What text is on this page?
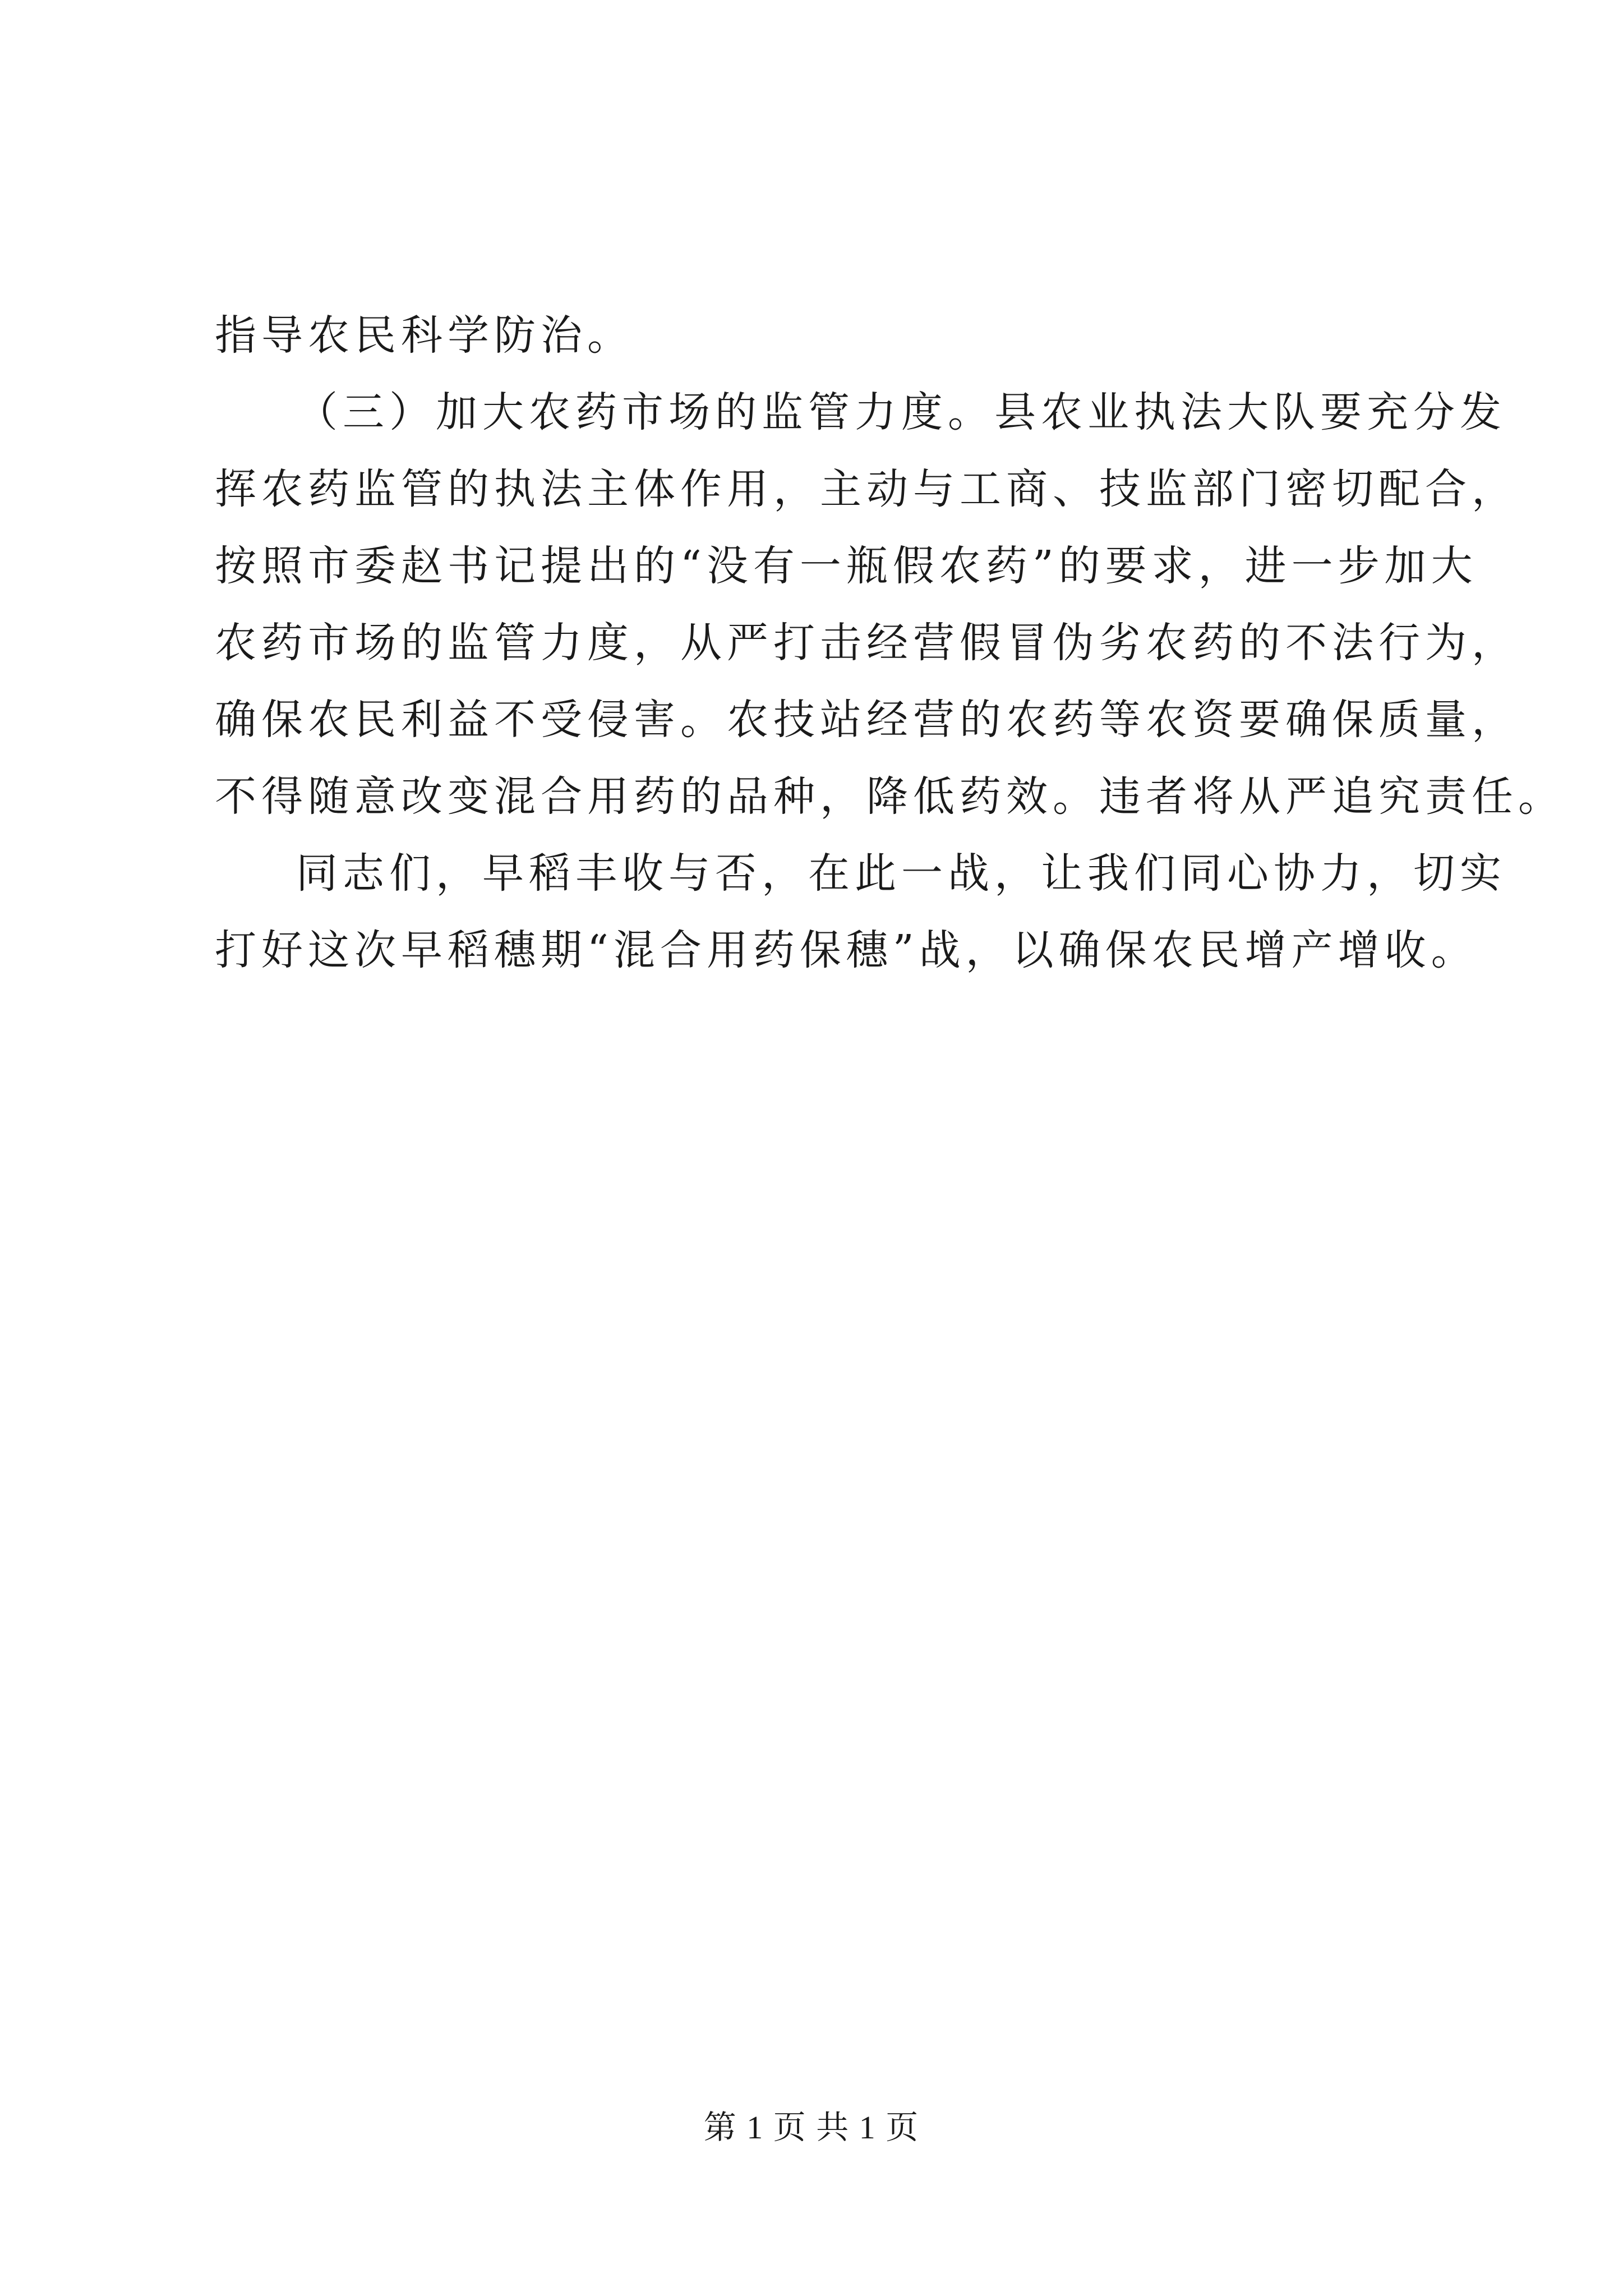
指导农民科学防治。
（三）加大农药市场的监管力度。县农业执法大队要充分发
挥农药监管的执法主体作用，主动与工商、技监部门密切配合，
按照市委赵书记提出的“没有一瓶假农药”的要求，进一步加大
农药市场的监管力度，从严打击经营假冒伪劣农药的不法行为，
确保农民利益不受侵害。农技站经营的农药等农资要确保质量，
不得随意改变混合用药的品种，降低药效。违者将从严追究责任。
同志们，早稻丰收与否，在此一战，让我们同心协力，切实
打好这次早稻穗期“混合用药保穗”战，以确保农民增产增收。
第 1 页 共 1 页
